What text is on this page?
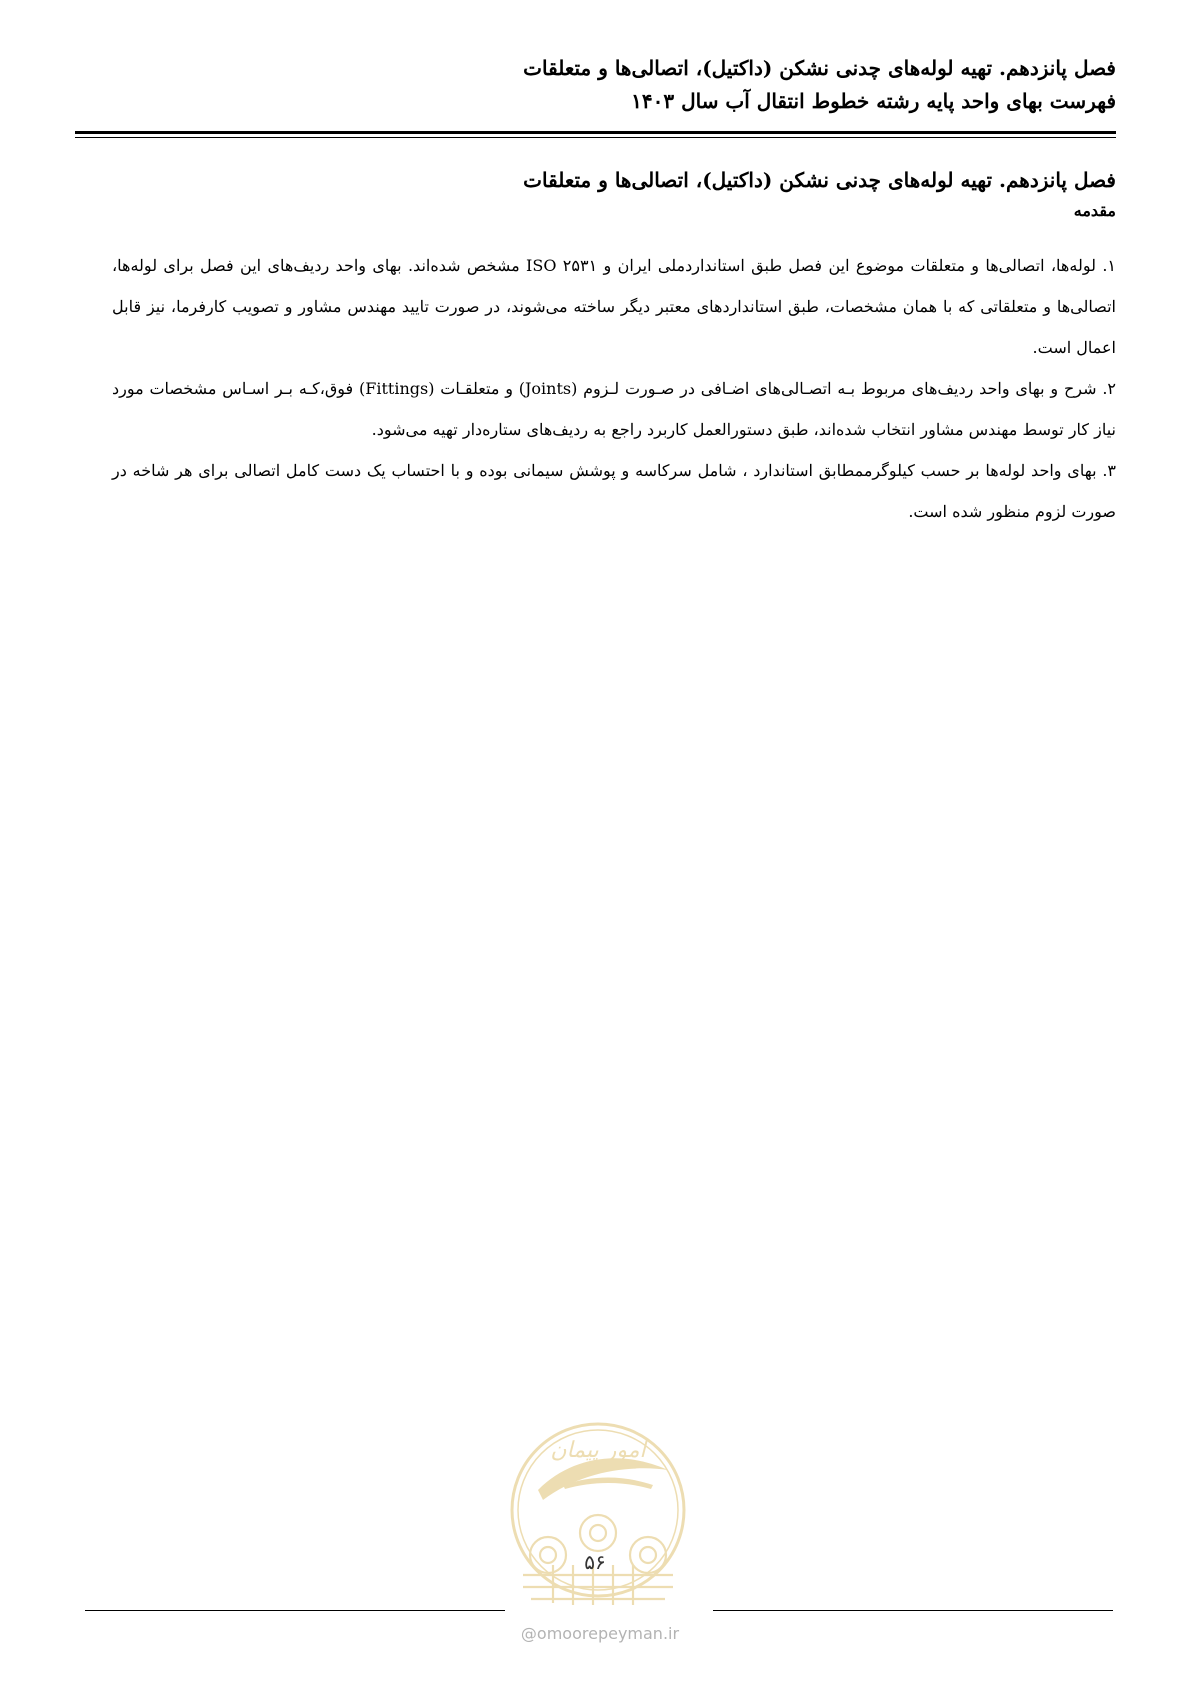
فصل پانزدهم. تهیه لوله‌های چدنی نشکن (داکتیل)، اتصالی‌ها و متعلقات
فهرست بهای واحد پایه رشته خطوط انتقال آب سال ۱۴۰۳
فصل پانزدهم. تهیه لوله‌های چدنی نشکن (داکتیل)، اتصالی‌ها و متعلقات
مقدمه

۱. لوله‌ها، اتصالی‌ها و متعلقات موضوع این فصل طبق استانداردملی ایران و ISO ۲۵۳۱ مشخص شده‌اند. بهای واحد ردیف‌های این فصل برای لوله‌ها، اتصالی‌ها و متعلقاتی که با همان مشخصات، طبق استانداردهای معتبر دیگر ساخته می‌شوند، در صورت تایید مهندس مشاور و تصویب کارفرما، نیز قابل اعمال است.

۲. شرح و بهای واحد ردیف‌های مربوط بـه اتصـالی‌های اضـافی در صـورت لـزوم (Joints) و متعلقـات (Fittings) فوق،کـه بـر اسـاس مشخصات مورد نیاز کار توسط مهندس مشاور انتخاب شده‌اند، طبق دستورالعمل کاربرد راجع به ردیف‌های ستاره‌دار تهیه می‌شود.

۳. بهای واحد لوله‌ها بر حسب کیلوگرممطابق استاندارد ، شامل سرکاسه و پوشش سیمانی بوده و با احتساب یک دست کامل اتصالی برای هر شاخه در صورت لزوم منظور شده است.

امور پیمان
۵۶
@omoorepeyman.ir
